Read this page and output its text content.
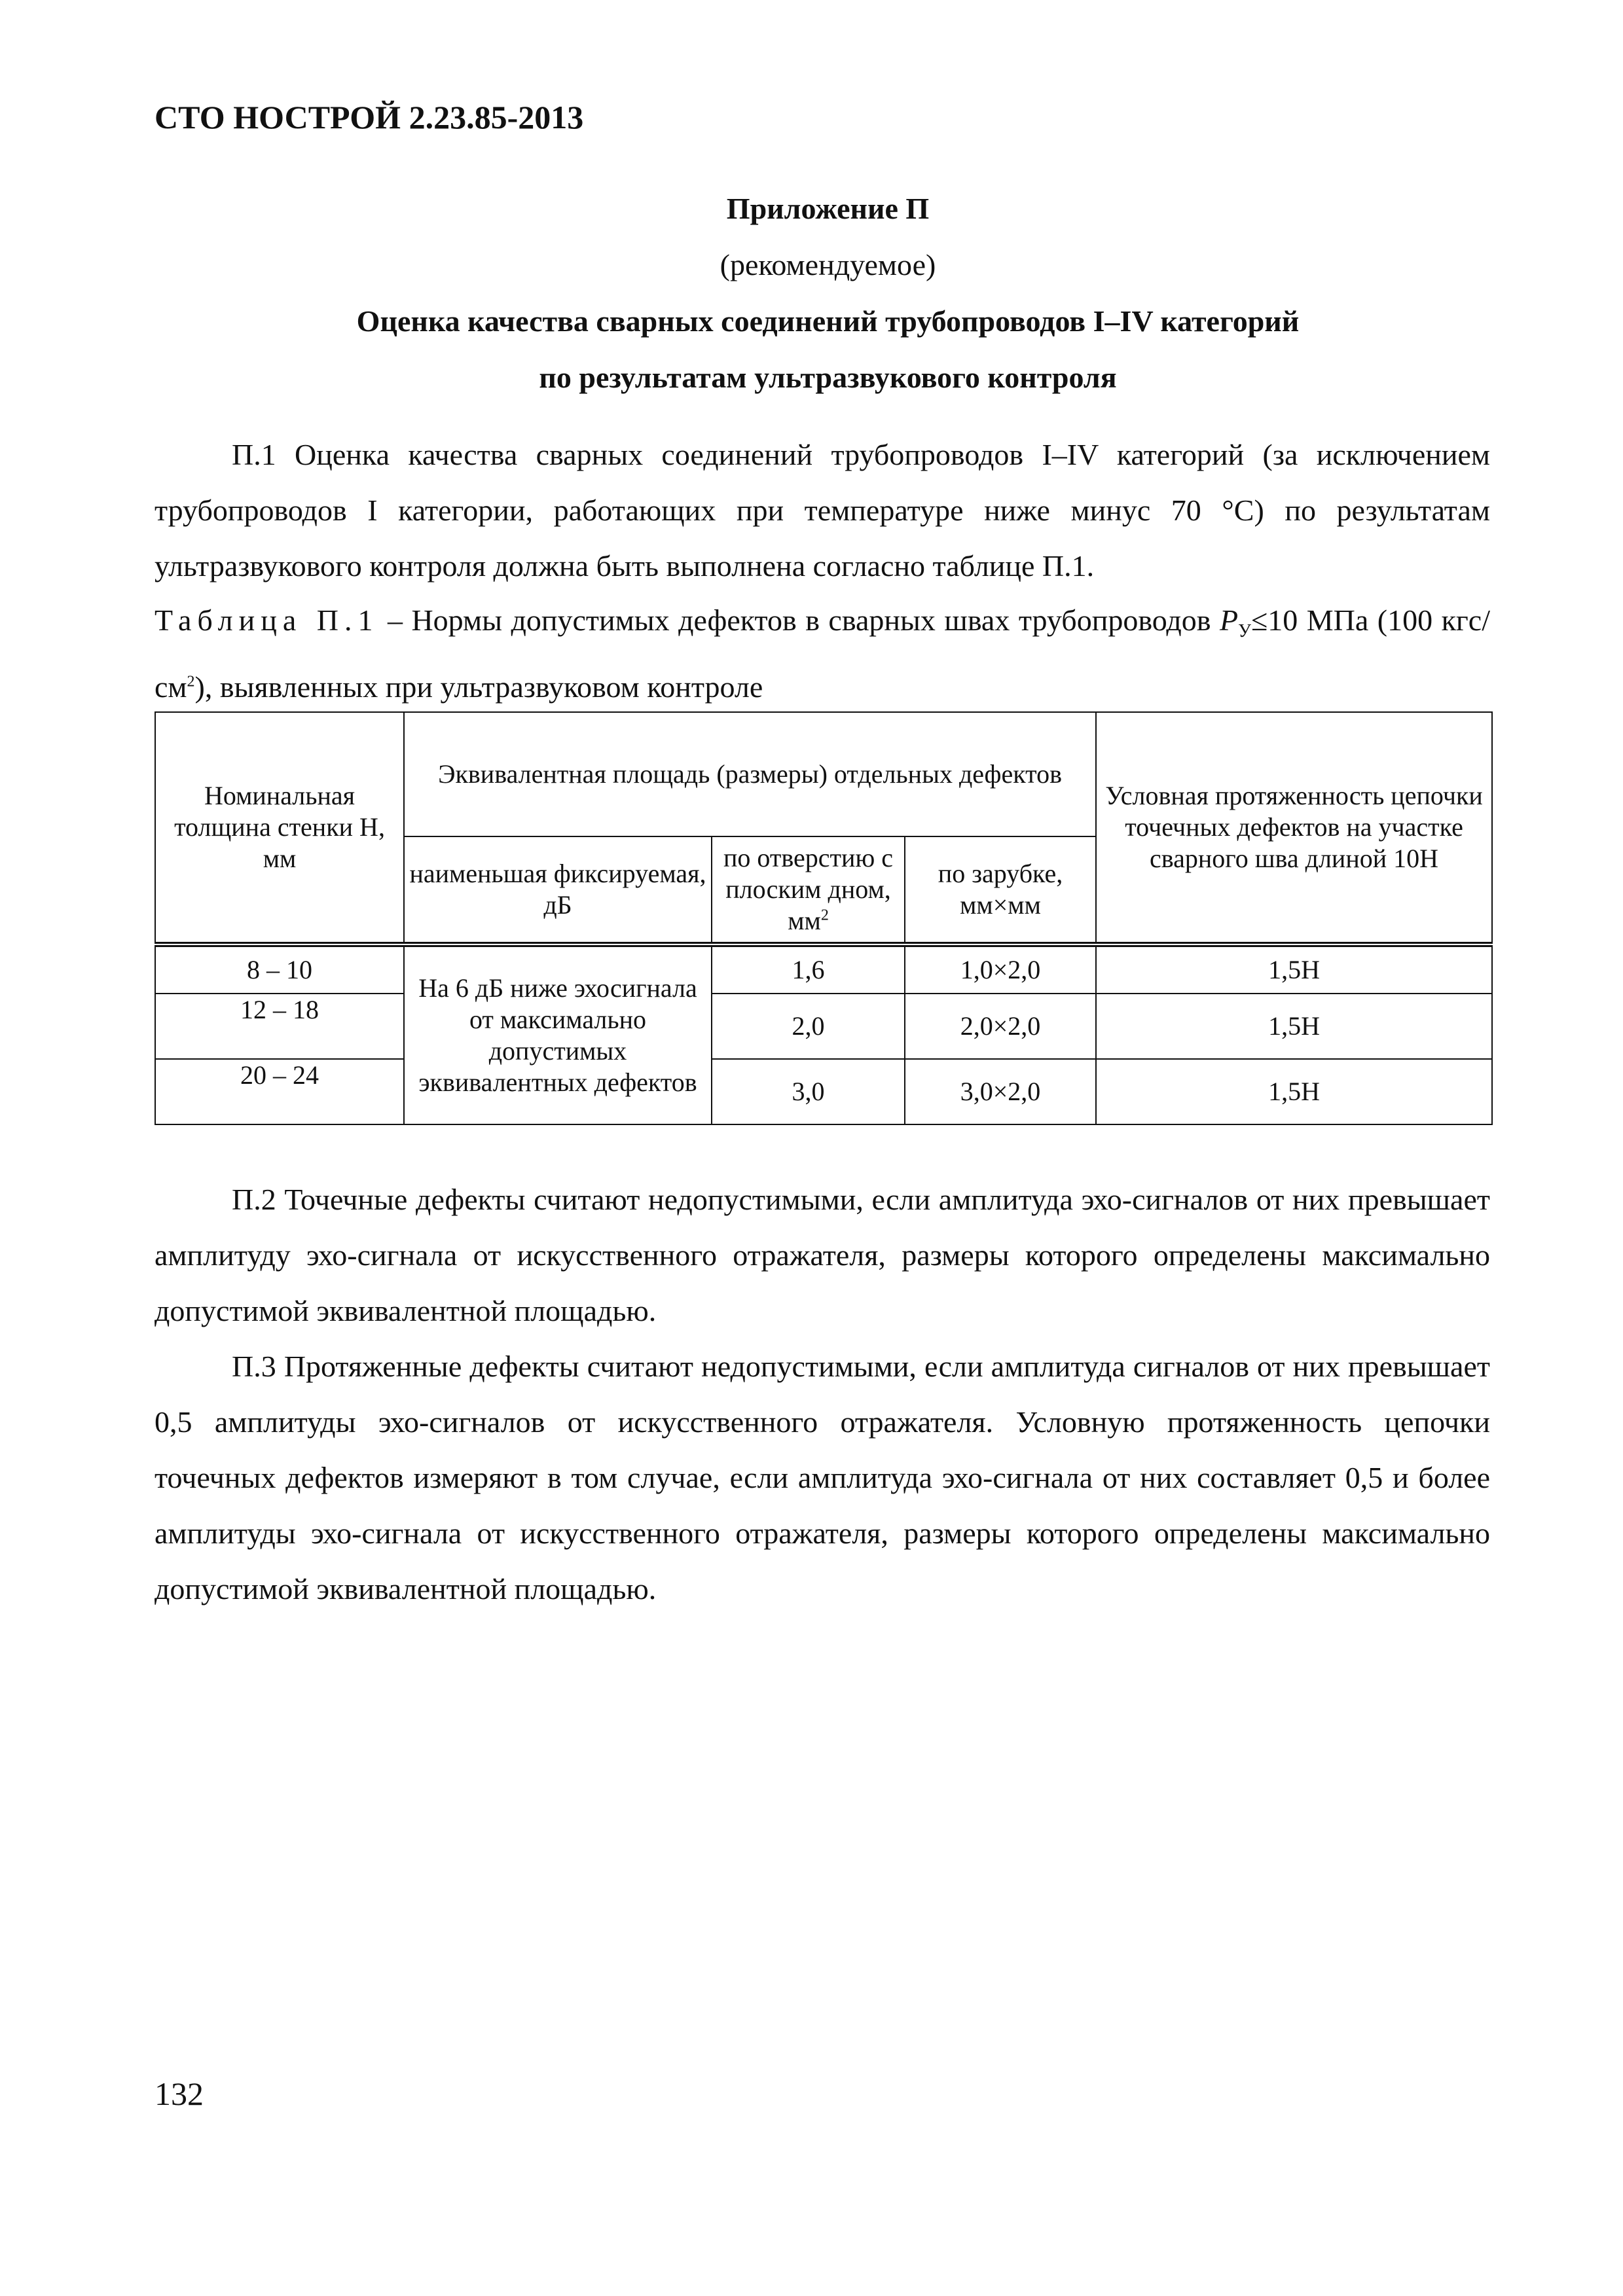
СТО НОСТРОЙ 2.23.85-2013
Приложение П
(рекомендуемое)
Оценка качества сварных соединений трубопроводов I–IV категорий
по результатам ультразвукового контроля
П.1 Оценка качества сварных соединений трубопроводов I–IV категорий (за исключением трубопроводов I категории, работающих при температуре ниже минус 70 °С) по результатам ультразвукового контроля должна быть выполнена согласно таблице П.1.
Таблица П.1 – Нормы допустимых дефектов в сварных швах трубопроводов $P_У\le 10$ МПа (100 кгс/$см^2$), выявленных при ультразвуковом контроле
Номинальная толщина стенки Н, мм	Эквивалентная площадь (размеры) отдельных дефектов			Условная протяженность цепочки точечных дефектов на участке сварного шва длиной 10Н
	наименьшая фиксируемая, дБ	по отверстию с плоским дном, $мм^2$	по зарубке, мм×мм	
8 – 10	На 6 дБ ниже эхосигнала от максимально допустимых эквивалентных дефектов	1,6	1,0×2,0	1,5Н
12 – 18		2,0	2,0×2,0	1,5Н
20 – 24		3,0	3,0×2,0	1,5Н
П.2 Точечные дефекты считают недопустимыми, если амплитуда эхо-сигналов от них превышает амплитуду эхо-сигнала от искусственного отражателя, размеры которого определены максимально допустимой эквивалентной площадью.
П.3 Протяженные дефекты считают недопустимыми, если амплитуда сигналов от них превышает 0,5 амплитуды эхо-сигналов от искусственного отражателя. Условную протяженность цепочки точечных дефектов измеряют в том случае, если амплитуда эхо-сигнала от них составляет 0,5 и более амплитуды эхо-сигнала от искусственного отражателя, размеры которого определены максимально допустимой эквивалентной площадью.
132
